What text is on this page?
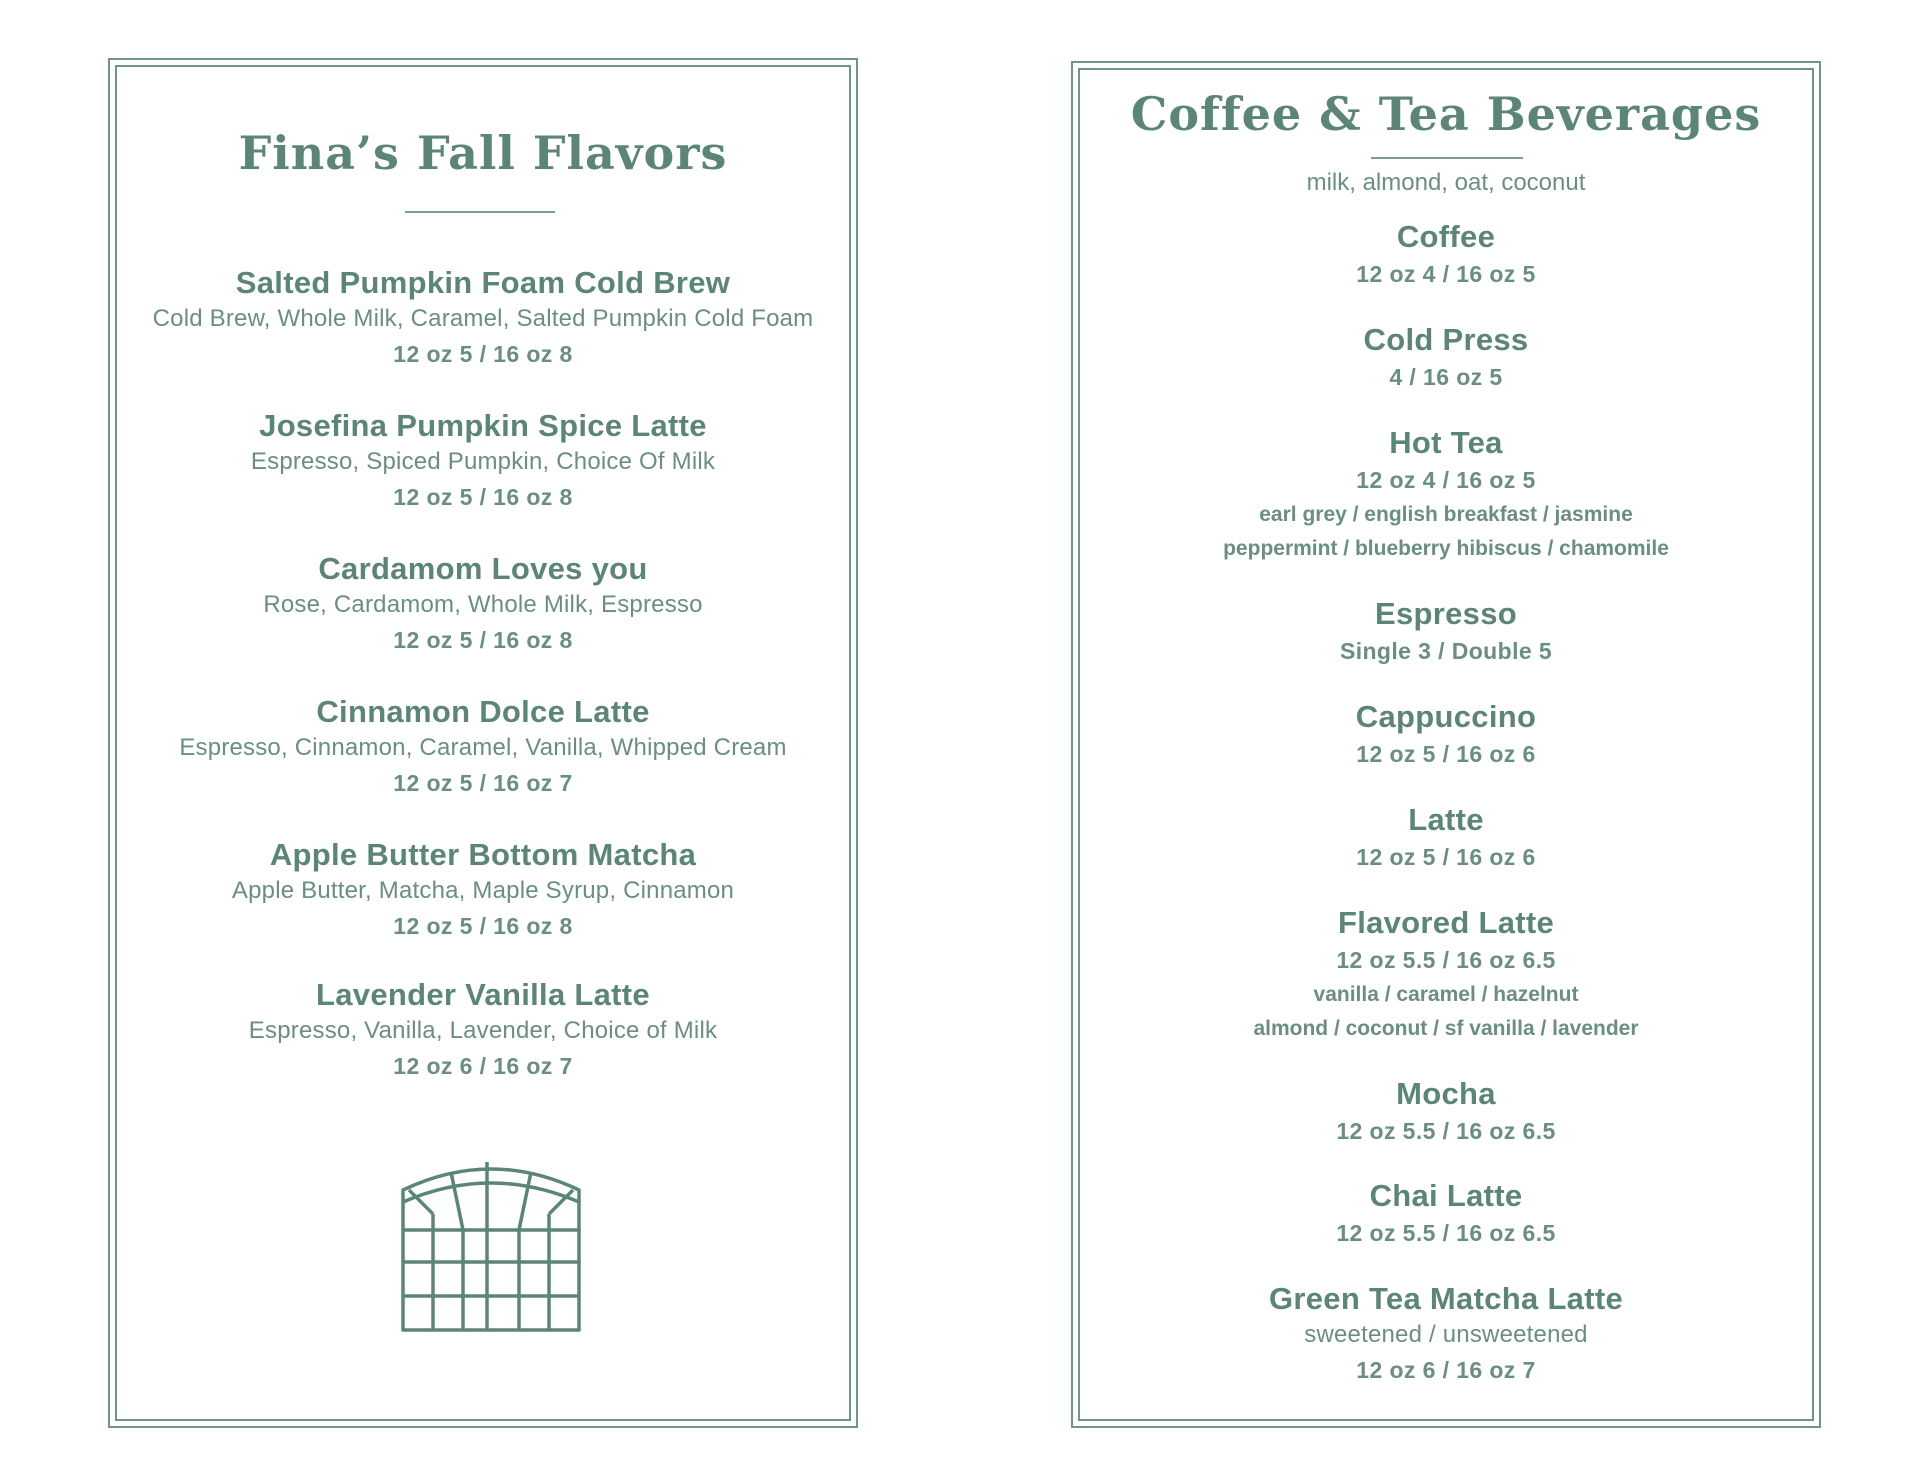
Fina’s Fall Flavors
Salted Pumpkin Foam Cold Brew
Cold Brew, Whole Milk, Caramel, Salted Pumpkin Cold Foam
12 oz 5 / 16 oz 8
Josefina Pumpkin Spice Latte
Espresso, Spiced Pumpkin, Choice Of Milk
12 oz 5 / 16 oz 8
Cardamom Loves you
Rose, Cardamom, Whole Milk, Espresso
12 oz 5 / 16 oz 8
Cinnamon Dolce Latte
Espresso, Cinnamon, Caramel, Vanilla, Whipped Cream
12 oz 5 / 16 oz 7
Apple Butter Bottom Matcha
Apple Butter, Matcha, Maple Syrup, Cinnamon
12 oz 5 / 16 oz 8
Lavender Vanilla Latte
Espresso, Vanilla, Lavender, Choice of Milk
12 oz 6 / 16 oz 7
Coffee & Tea Beverages
milk, almond, oat, coconut
Coffee
12 oz 4 / 16 oz 5
Cold Press
4 / 16 oz 5
Hot Tea
12 oz 4 / 16 oz 5
earl grey / english breakfast / jasmine
peppermint / blueberry hibiscus / chamomile
Espresso
Single 3 / Double 5
Cappuccino
12 oz 5 / 16 oz 6
Latte
12 oz 5 / 16 oz 6
Flavored Latte
12 oz 5.5 / 16 oz 6.5
vanilla / caramel / hazelnut
almond / coconut / sf vanilla / lavender
Mocha
12 oz 5.5 / 16 oz 6.5
Chai Latte
12 oz 5.5 / 16 oz 6.5
Green Tea Matcha Latte
sweetened / unsweetened
12 oz 6 / 16 oz 7
